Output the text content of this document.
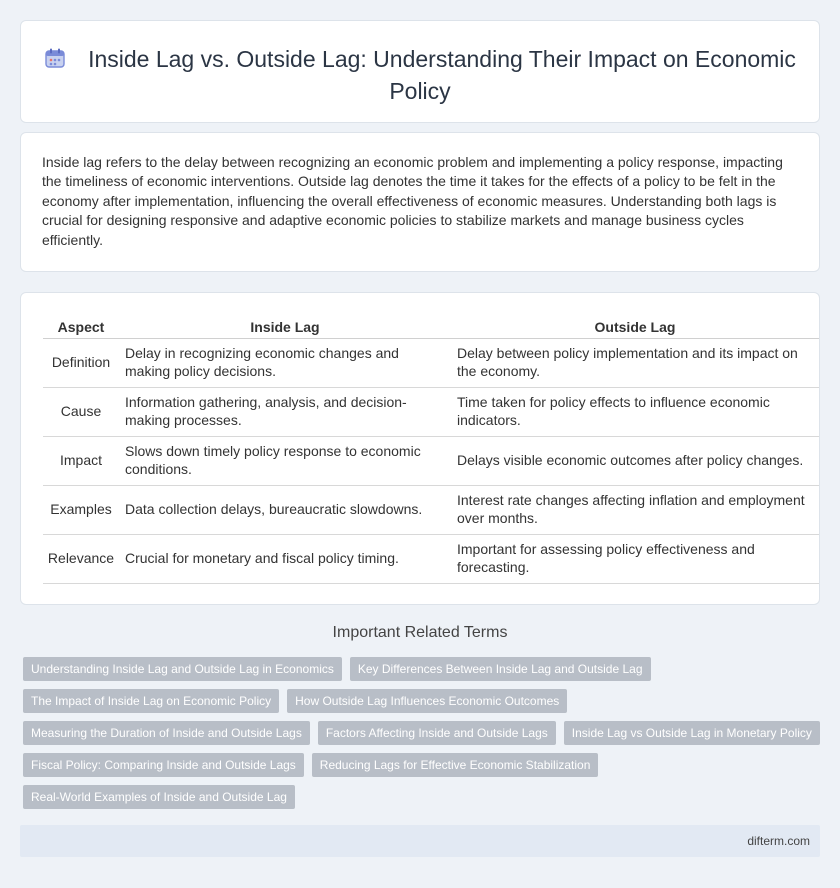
Inside Lag vs. Outside Lag: Understanding Their Impact on Economic Policy

Inside lag refers to the delay between recognizing an economic problem and implementing a policy response, impacting the timeliness of economic interventions. Outside lag denotes the time it takes for the effects of a policy to be felt in the economy after implementation, influencing the overall effectiveness of economic measures. Understanding both lags is crucial for designing responsive and adaptive economic policies to stabilize markets and manage business cycles efficiently.

Aspect	Inside Lag	Outside Lag
Definition	Delay in recognizing economic changes and making policy decisions.	Delay between policy implementation and its impact on the economy.
Cause	Information gathering, analysis, and decision-making processes.	Time taken for policy effects to influence economic indicators.
Impact	Slows down timely policy response to economic conditions.	Delays visible economic outcomes after policy changes.
Examples	Data collection delays, bureaucratic slowdowns.	Interest rate changes affecting inflation and employment over months.
Relevance	Crucial for monetary and fiscal policy timing.	Important for assessing policy effectiveness and forecasting.
Important Related Terms
Understanding Inside Lag and Outside Lag in Economics	Key Differences Between Inside Lag and Outside Lag
The Impact of Inside Lag on Economic Policy	How Outside Lag Influences Economic Outcomes
Measuring the Duration of Inside and Outside Lags	Factors Affecting Inside and Outside Lags	Inside Lag vs Outside Lag in Monetary Policy
Fiscal Policy: Comparing Inside and Outside Lags	Reducing Lags for Effective Economic Stabilization
Real-World Examples of Inside and Outside Lag
difterm.com
